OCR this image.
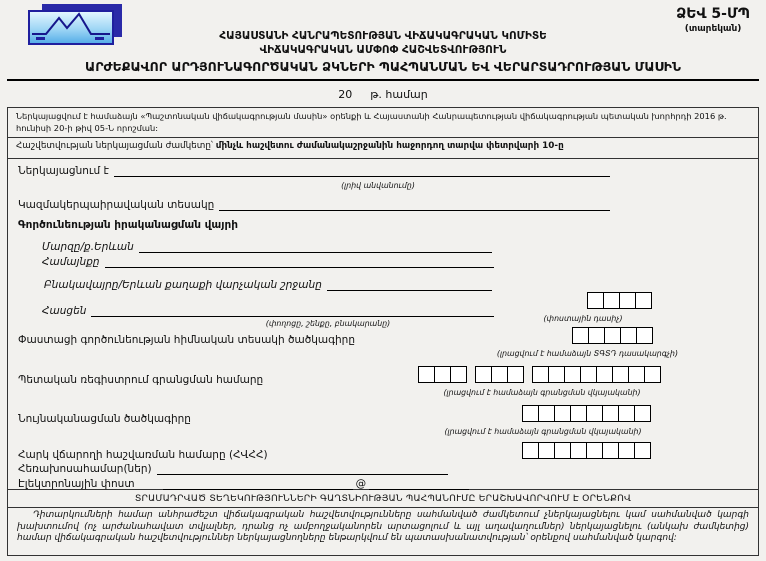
ՁԵՎ 5-ՄՊ
(տարեկան)
ՀԱՅԱՍՏԱՆԻ ՀԱՆՐԱՊԵՏՈՒԹՅԱՆ ՎԻՃԱԿԱԳՐԱԿԱՆ ԿՈՄԻՏԵ
ՎԻՃԱԿԱԳՐԱԿԱՆ ԱՄՓՈՓ ՀԱՇՎԵՏՎՈՒԹՅՈՒՆ
ԱՐԺԵՔԱՎՈՐ ԱՐԴՅՈՒՆԱԳՈՐԾԱԿԱՆ ՁԿՆԵՐԻ ՊԱՀՊԱՆՄԱՆ ԵՎ ՎԵՐԱՐՏԱԴՐՈՒԹՅԱՆ ՄԱՍԻՆ
20 թ. համար
Ներկայացվում է համաձայն «Պաշտոնական վիճակագրության մասին» օրենքի և Հայաստանի Հանրապետության վիճակագրության պետական խորհրդի 2016 թ. հունիսի 20-ի թիվ 05-Ն որոշման:
Հաշվետվության ներկայացման ժամկետը՝ մինչև հաշվետու ժամանակաշրջանին հաջորդող տարվա փետրվարի 10-ը
Ներկայացնում է
(լրիվ անվանումը)
Կազմակերպաիրավական տեսակը
Գործունեության իրականացման վայրի
Մարզը/ք.Երևան
Համայնքը
Բնակավայրը/Երևան քաղաքի վարչական շրջանը
Հասցեն
(փողոցը, շենքը, բնակարանը)
(փոստային դասիչ)
Փաստացի գործունեության հիմնական տեսակի ծածկագիրը
(լրացվում է համաձայն ՏԳՏԴ դասակարգչի)
Պետական ռեգիստրում գրանցման համարը
(լրացվում է համաձայն գրանցման վկայականի)
Նույնականացման ծածկագիրը
(լրացվում է համաձայն գրանցման վկայականի)
Հարկ վճարողի հաշվառման համարը (ՀՎՀՀ)
Հեռախոսահամար(ներ)
Էլեկտրոնային փոստ	@
ՏՐԱՄԱԴՐՎԱԾ ՏԵՂԵԿՈՒԹՅՈՒՆՆԵՐԻ ԳԱՂՏՆԻՈՒԹՅԱՆ ՊԱՀՊԱՆՈՒՄԸ ԵՐԱՇԽԱՎՈՐՎՈՒՄ Է ՕՐԵՆՔՈՎ
Դիտարկումների համար անհրաժեշտ վիճակագրական հաշվետվությունները սահմանված ժամկետում չներկայացնելու կամ սահմանված կարգի խախտումով (ոչ արժանահավատ տվյալներ, դրանց ոչ ամբողջականորեն արտացոլում և այլ աղավաղումներ) ներկայացնելու (անկախ ժամկետից) համար վիճակագրական հաշվետվություններ ներկայացնողները ենթարկվում են պատասխանատվության՝ օրենքով սահմանված կարգով:
